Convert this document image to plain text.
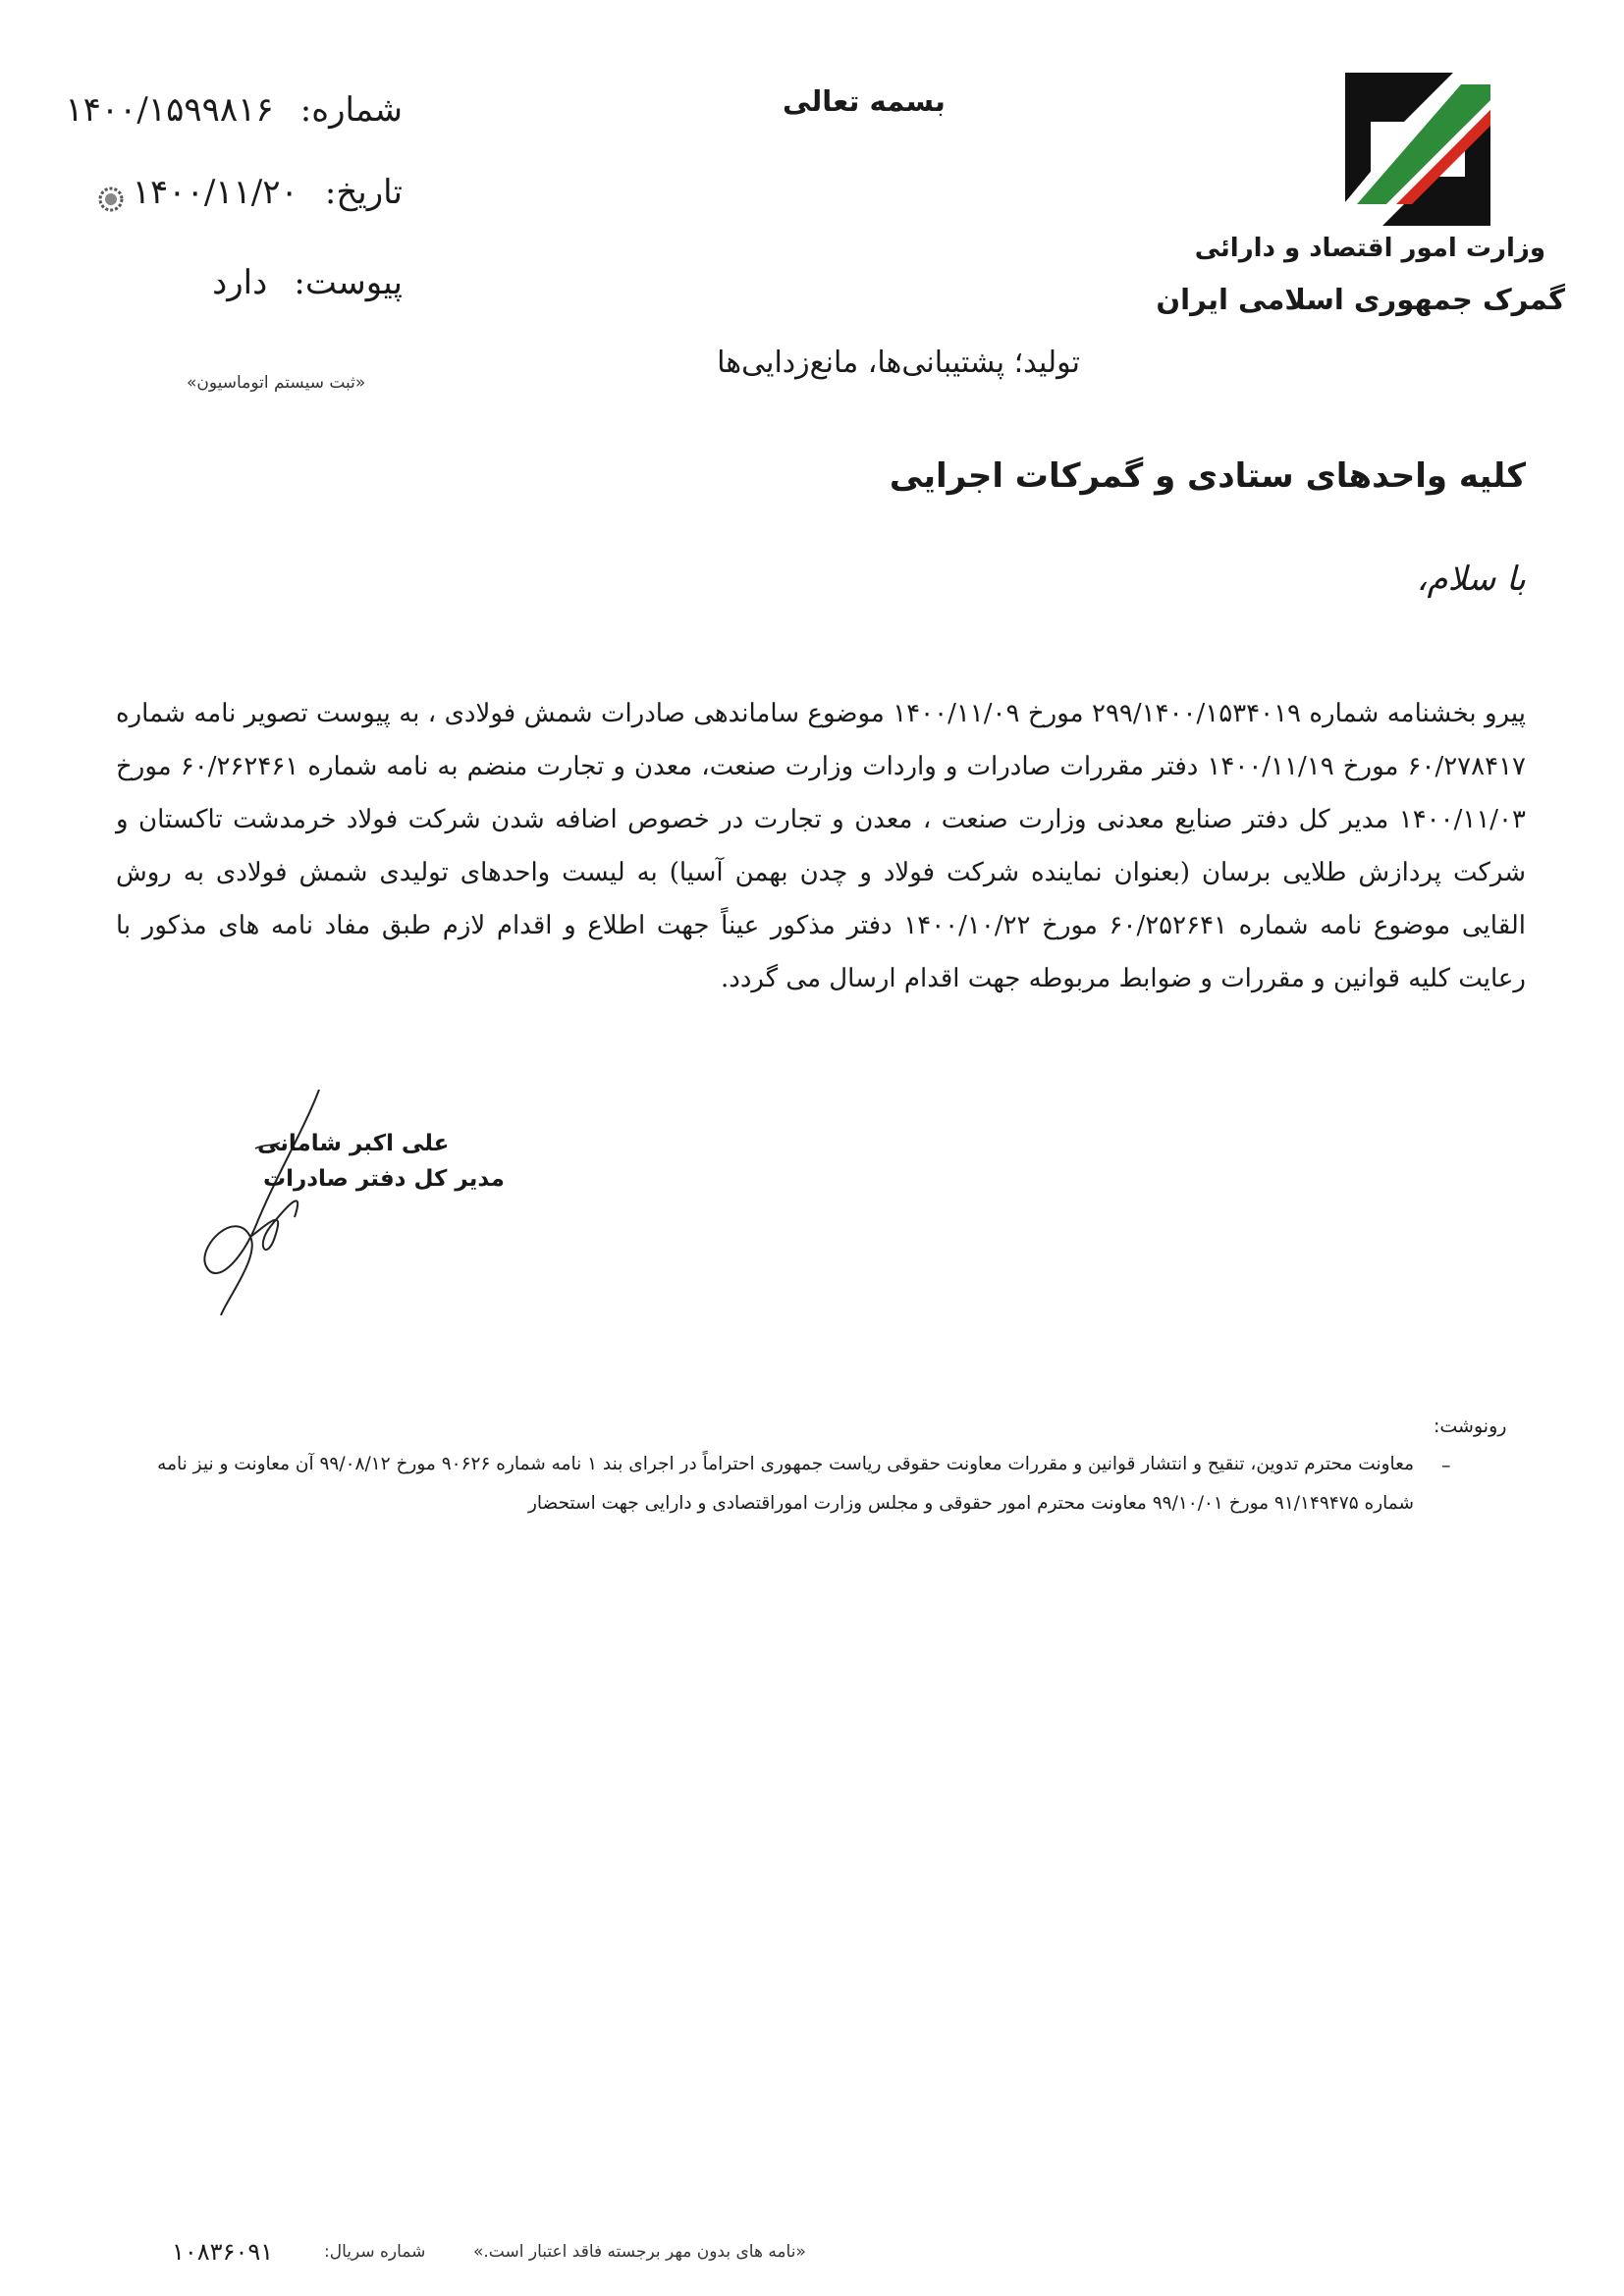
شماره: ۱۴۰۰/۱۵۹۹۸۱۶
تاریخ: ۱۴۰۰/۱۱/۲۰
پیوست: دارد
«ثبت سیستم اتوماسیون»
بسمه تعالی
وزارت امور اقتصاد و دارائی
گمرک جمهوری اسلامی ایران
تولید؛ پشتیبانی‌ها، مانع‌زدایی‌ها
کلیه واحدهای ستادی و گمرکات اجرایی
با سلام،
پیرو بخشنامه شماره ۲۹۹/۱۴۰۰/۱۵۳۴۰۱۹ مورخ ۱۴۰۰/۱۱/۰۹ موضوع ساماندهی صادرات شمش فولادی ، به پیوست تصویر نامه شماره ۶۰/۲۷۸۴۱۷ مورخ ۱۴۰۰/۱۱/۱۹ دفتر مقررات صادرات و واردات وزارت صنعت، معدن و تجارت منضم به نامه شماره ۶۰/۲۶۲۴۶۱ مورخ ۱۴۰۰/۱۱/۰۳ مدیر کل دفتر صنایع معدنی وزارت صنعت ، معدن و تجارت در خصوص اضافه شدن شرکت فولاد خرمدشت تاکستان و شرکت پردازش طلایی برسان (بعنوان نماینده شرکت فولاد و چدن بهمن آسیا) به لیست واحدهای تولیدی شمش فولادی به روش القایی موضوع نامه شماره ۶۰/۲۵۲۶۴۱ مورخ ۱۴۰۰/۱۰/۲۲ دفتر مذکور عیناً جهت اطلاع و اقدام لازم طبق مفاد نامه های مذکور با رعایت کلیه قوانین و مقررات و ضوابط مربوطه جهت اقدام ارسال می گردد.
علی اکبر شامانی
مدیر کل دفتر صادرات
رونوشت:
–
معاونت محترم تدوین، تنقیح و انتشار قوانین و مقررات معاونت حقوقی ریاست جمهوری احتراماً در اجرای بند ۱ نامه شماره ۹۰۶۲۶ مورخ ۹۹/۰۸/۱۲ آن معاونت و نیز نامه شماره ۹۱/۱۴۹۴۷۵ مورخ ۹۹/۱۰/۰۱ معاونت محترم امور حقوقی و مجلس وزارت اموراقتصادی و دارایی جهت استحضار
«نامه های بدون مهر برجسته فاقد اعتبار است.»
شماره سریال:
۱۰۸۳۶۰۹۱
